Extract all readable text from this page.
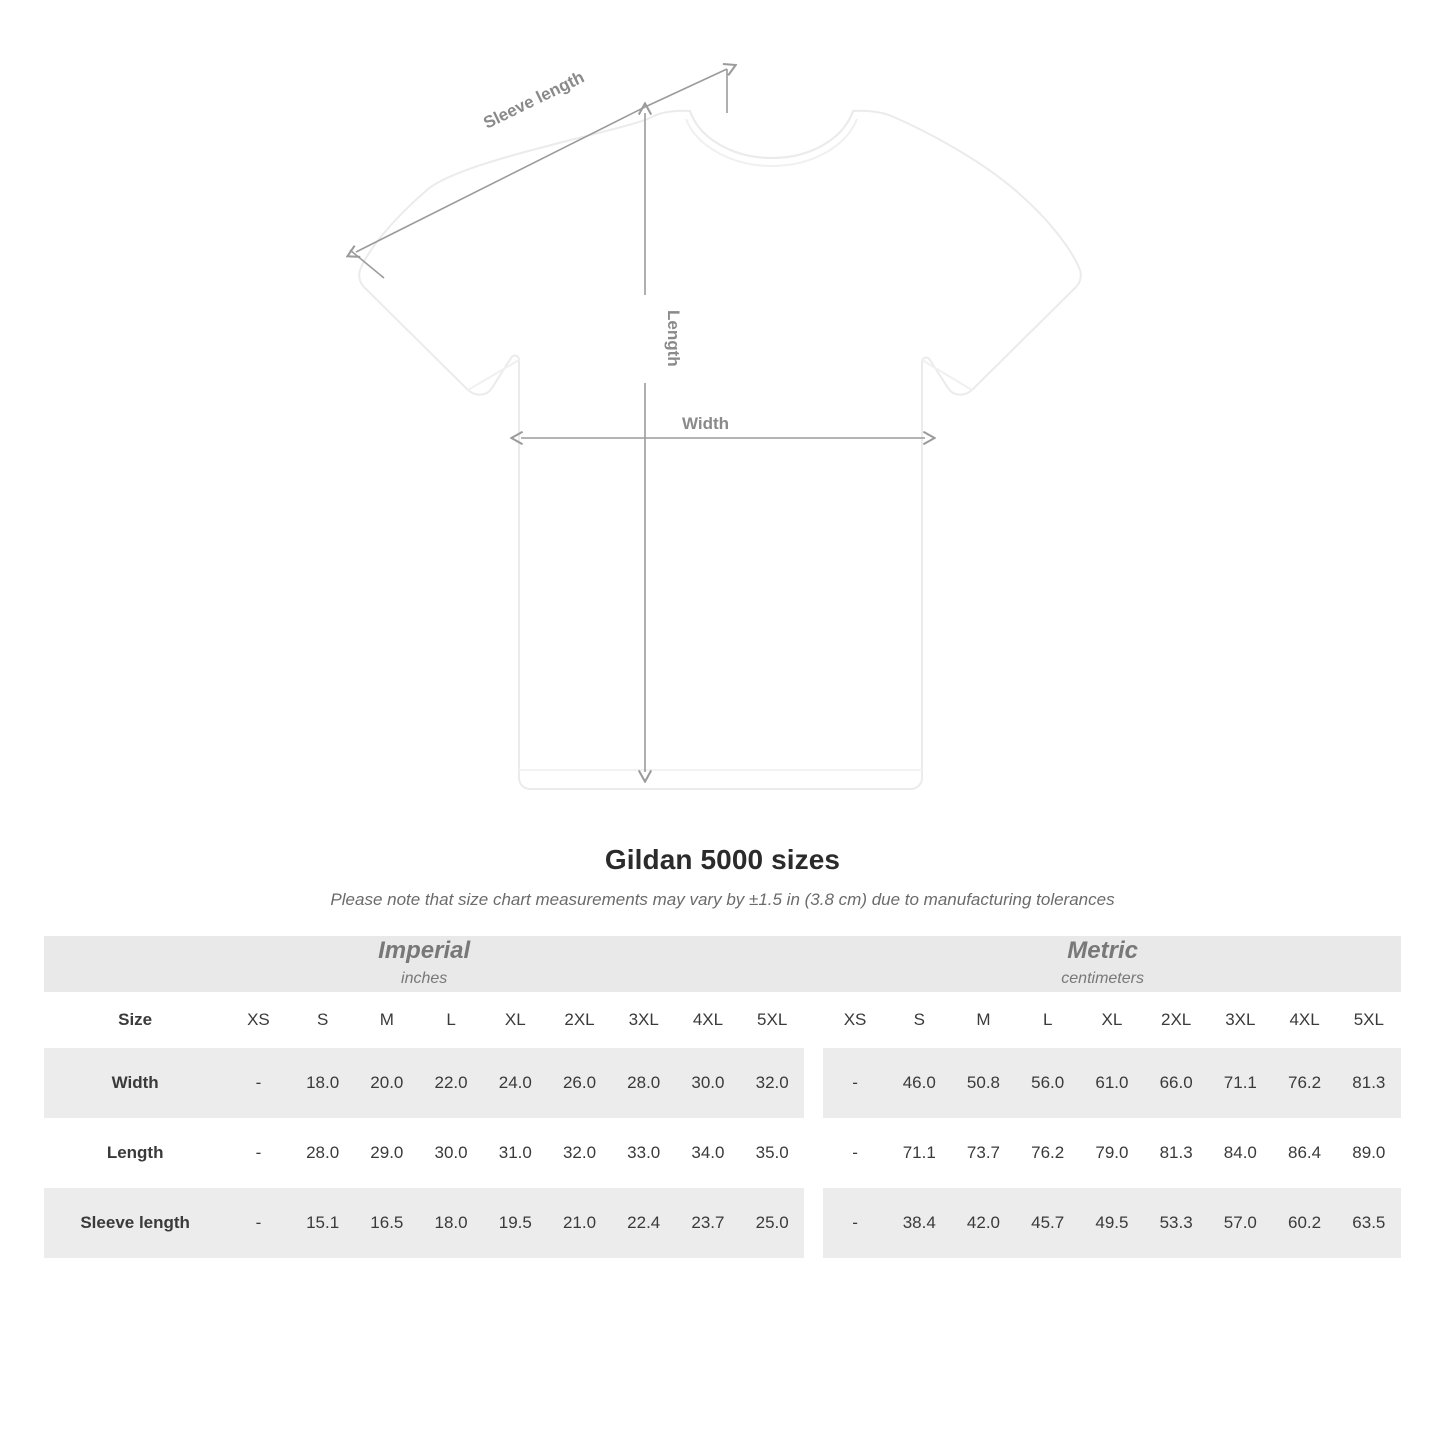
Sleeve length
Length
Width
Gildan 5000 sizes
Please note that size chart measurements may vary by ±1.5 in (3.8 cm) due to manufacturing tolerances
Imperial
inches

Metric
centimeters

Size	XS	S	M	L	XL	2XL	3XL	4XL	5XL		XS	S	M	L	XL	2XL	3XL	4XL	5XL
Width	-	18.0	20.0	22.0	24.0	26.0	28.0	30.0	32.0		-	46.0	50.8	56.0	61.0	66.0	71.1	76.2	81.3
Length	-	28.0	29.0	30.0	31.0	32.0	33.0	34.0	35.0		-	71.1	73.7	76.2	79.0	81.3	84.0	86.4	89.0
Sleeve length	-	15.1	16.5	18.0	19.5	21.0	22.4	23.7	25.0		-	38.4	42.0	45.7	49.5	53.3	57.0	60.2	63.5
